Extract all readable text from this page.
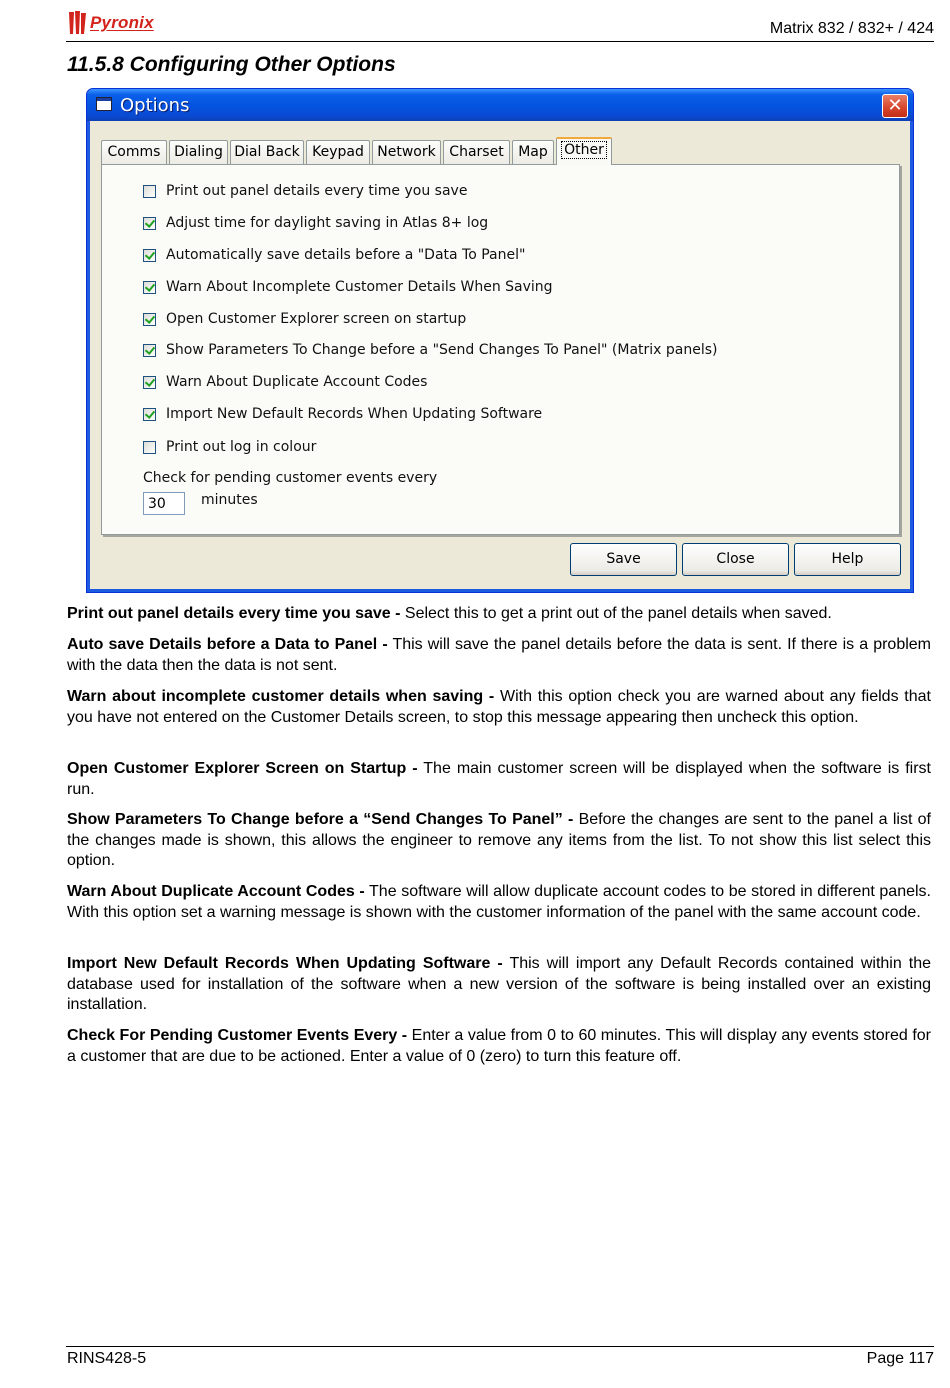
Pyronix	Matrix 832 / 832+ / 424
11.5.8 Configuring Other Options
Options	✕
Comms Dialing Dial Back Keypad Network Charset	Map	Other
Print out panel details every time you save
Adjust time for daylight saving in Atlas 8+ log
Automatically save details before a "Data To Panel"
Warn About Incomplete Customer Details When Saving
Open Customer Explorer screen on startup
Show Parameters To Change before a "Send Changes To Panel" (Matrix panels)
Warn About Duplicate Account Codes
Import New Default Records When Updating Software
Print out log in colour
Check for pending customer events every
30	minutes
Save	Close	Help

Print out panel details every time you save - Select this to get a print out of the panel details when saved.

Auto save Details before a Data to Panel - This will save the panel details before the data is sent. If there is a problem with the data then the data is not sent.

Warn about incomplete customer details when saving - With this option check you are warned about any fields that you have not entered on the Customer Details screen, to stop this message appearing then uncheck this option.

Open Customer Explorer Screen on Startup - The main customer screen will be displayed when the software is first run.

Show Parameters To Change before a “Send Changes To Panel” - Before the changes are sent to the panel a list of the changes made is shown, this allows the engineer to remove any items from the list. To not show this list select this option.

Warn About Duplicate Account Codes - The software will allow duplicate account codes to be stored in different panels. With this option set a warning message is shown with the customer information of the panel with the same account code.

Import New Default Records When Updating Software - This will import any Default Records contained within the database used for installation of the software when a new version of the software is being installed over an existing installation.

Check For Pending Customer Events Every - Enter a value from 0 to 60 minutes. This will display any events stored for a customer that are due to be actioned. Enter a value of 0 (zero) to turn this feature off.

RINS428-5	Page 117
